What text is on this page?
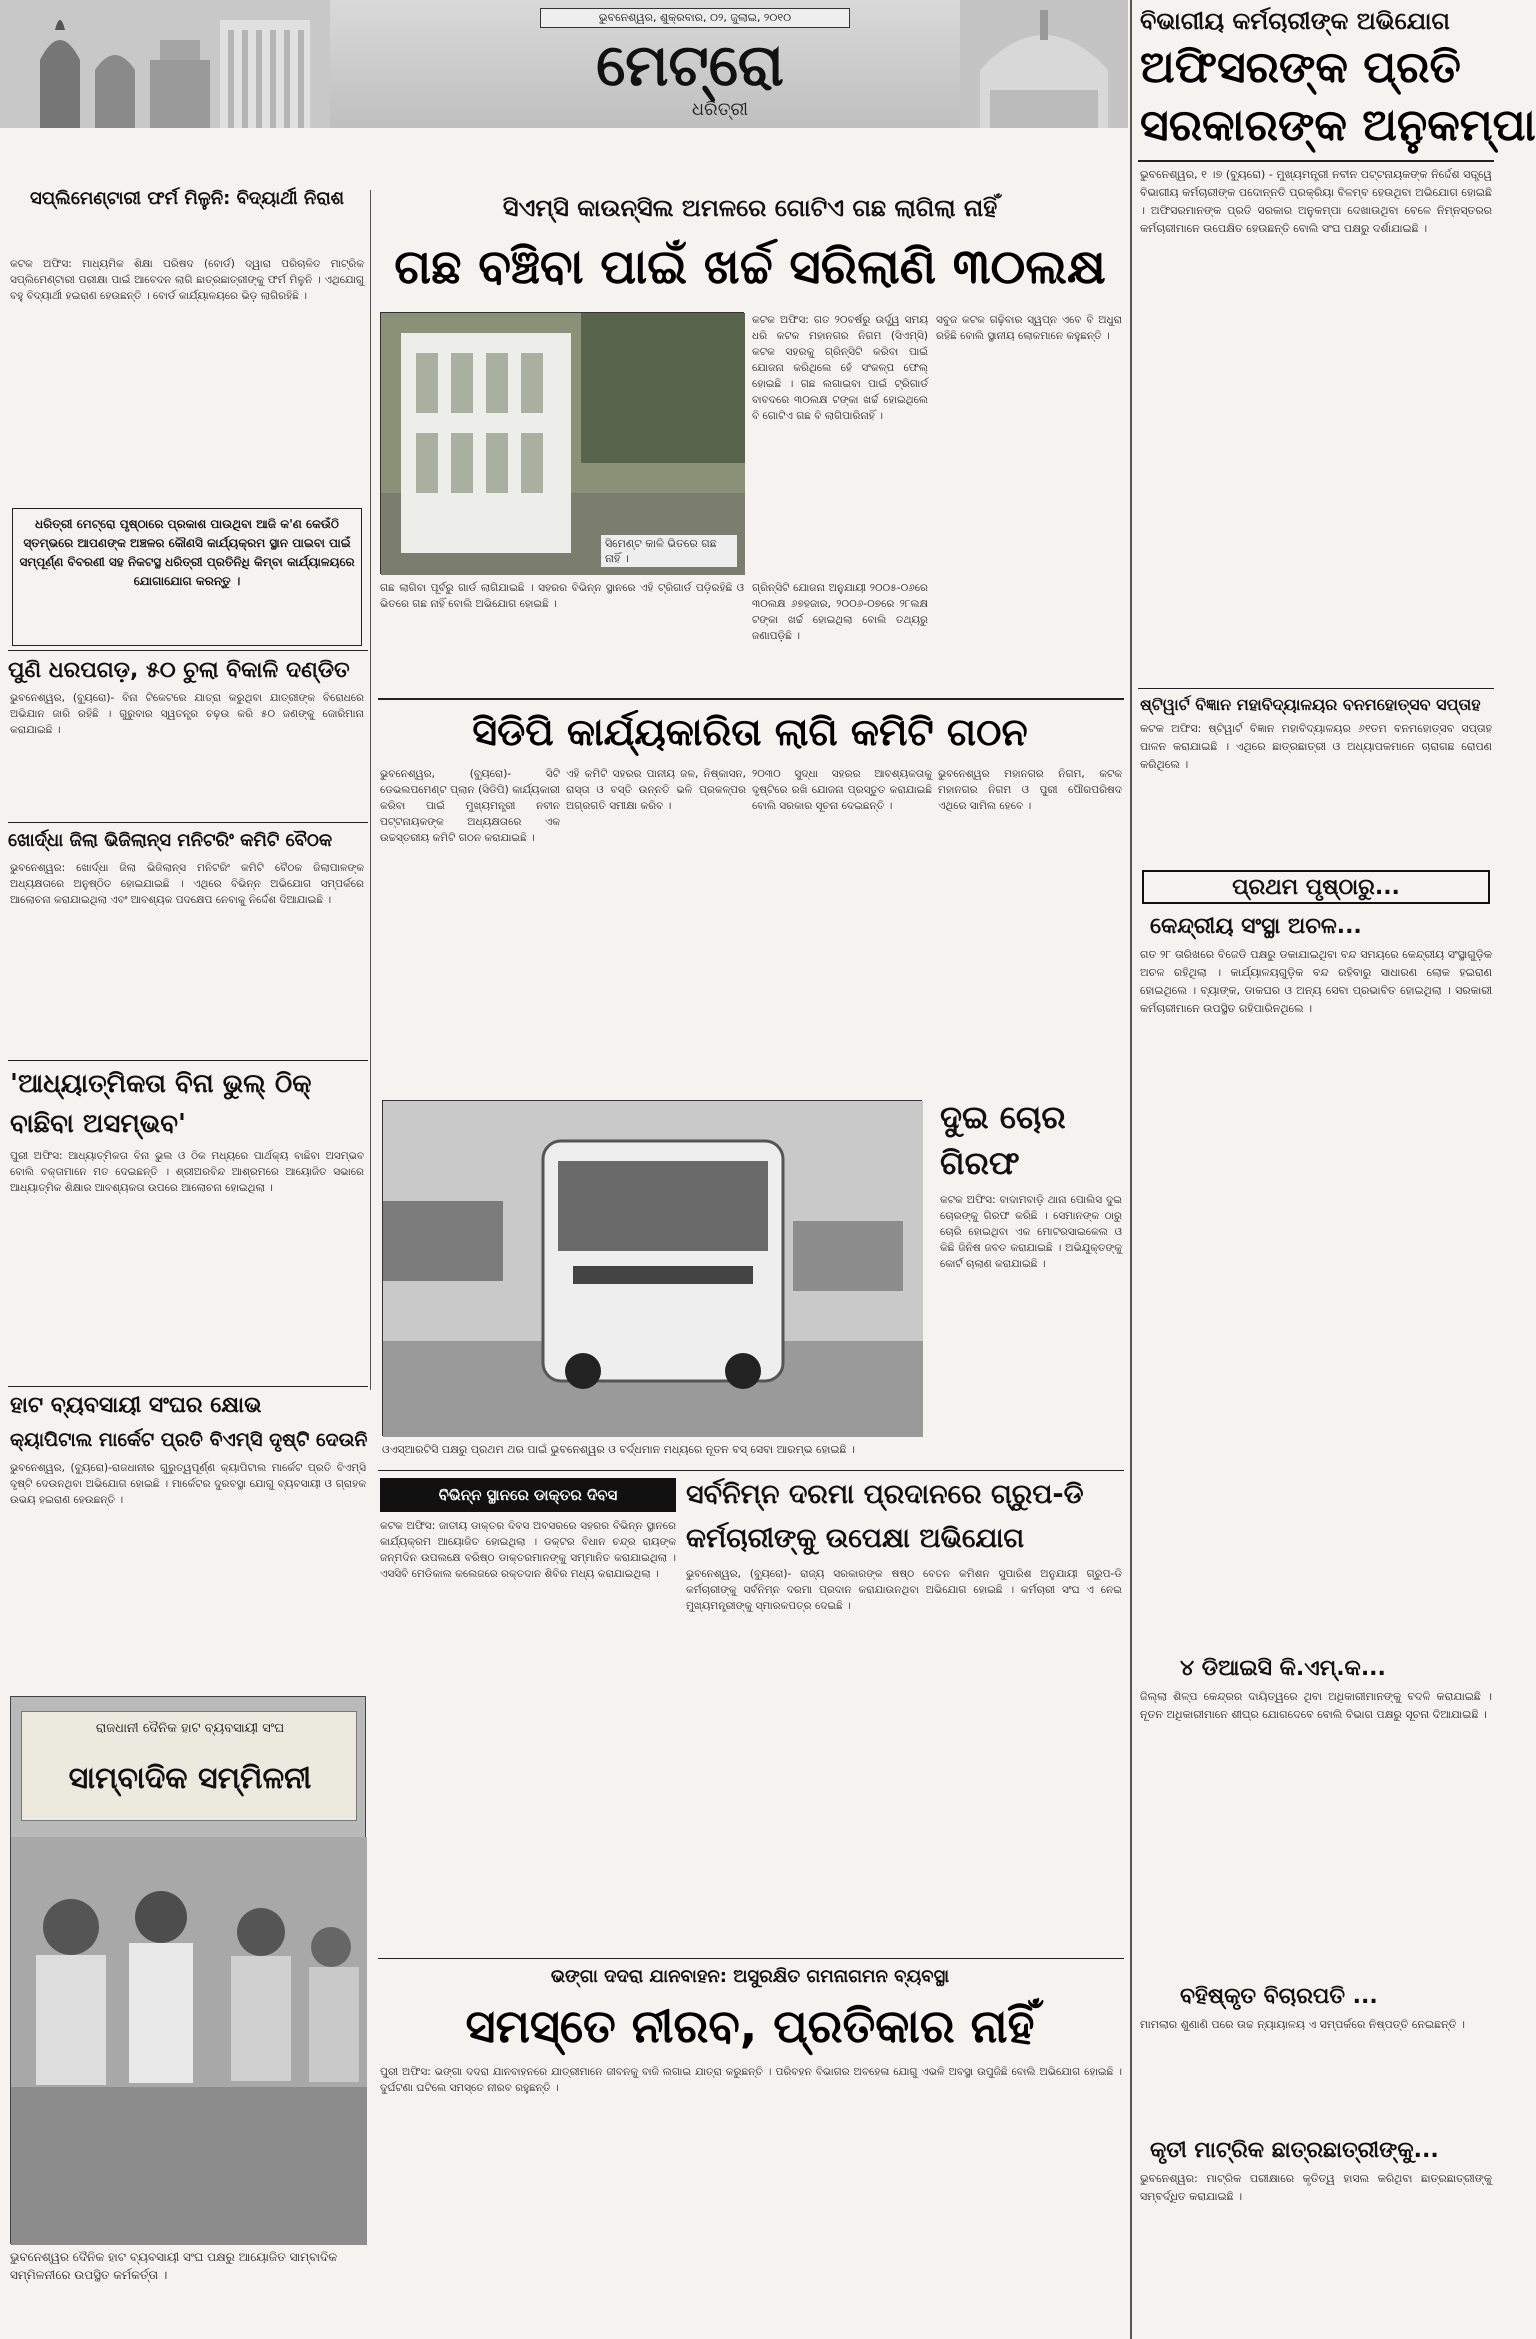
ଭୁବନେଶ୍ୱର, ଶୁକ୍ରବାର, ୦୨, ଜୁଲାଇ, ୨୦୧୦
ମେଟ୍ରୋ
ଧରିତ୍ରୀ
ବିଭାଗୀୟ କର୍ମଚାରୀଙ୍କ ଅଭିଯୋଗ
ଅଫିସରଙ୍କ ପ୍ରତି
ସରକାରଙ୍କ ଅନୁକମ୍ପା
ଭୁବନେଶ୍ୱର, ୧ ।୭ (ବ୍ୟୁରୋ) - ମୁଖ୍ୟମନ୍ତ୍ରୀ ନବୀନ ପଟ୍ଟନାୟକଙ୍କ ନିର୍ଦ୍ଦେଶ ସତ୍ତ୍ୱେ ବିଭାଗୀୟ କର୍ମଚାରୀଙ୍କ ପଦୋନ୍ନତି ପ୍ରକ୍ରିୟା ବିଳମ୍ବ ହେଉଥିବା ଅଭିଯୋଗ ହୋଇଛି । ଅଫିସରମାନଙ୍କ ପ୍ରତି ସରକାର ଅନୁକମ୍ପା ଦେଖାଉଥିବା ବେଳେ ନିମ୍ନସ୍ତରର କର୍ମଚାରୀମାନେ ଉପେକ୍ଷିତ ହେଉଛନ୍ତି ବୋଲି ସଂଘ ପକ୍ଷରୁ ଦର୍ଶାଯାଇଛି ।
ଷ୍ଟିୱାର୍ଟ ବିଜ୍ଞାନ ମହାବିଦ୍ୟାଳୟର ବନମହୋତ୍ସବ ସପ୍ତାହ
କଟକ ଅଫିସ: ଷ୍ଟିୱାର୍ଟ ବିଜ୍ଞାନ ମହାବିଦ୍ୟାଳୟର ୬୧ତମ ବନମହୋତ୍ସବ ସପ୍ତାହ ପାଳନ କରାଯାଇଛି । ଏଥିରେ ଛାତ୍ରଛାତ୍ରୀ ଓ ଅଧ୍ୟାପକମାନେ ଚାରାଗଛ ରୋପଣ କରିଥିଲେ ।
ପ୍ରଥମ ପୃଷ୍ଠାରୁ...
କେନ୍ଦ୍ରୀୟ ସଂସ୍ଥା ଅଚଳ...
ଗତ ୨୮ ତାରିଖରେ ବିଜେଡି ପକ୍ଷରୁ ଡକାଯାଇଥିବା ବନ୍ଦ ସମୟରେ କେନ୍ଦ୍ରୀୟ ସଂସ୍ଥାଗୁଡ଼ିକ ଅଚଳ ରହିଥିଲା । କାର୍ଯ୍ୟାଳୟଗୁଡ଼ିକ ବନ୍ଦ ରହିବାରୁ ସାଧାରଣ ଲୋକ ହଇରାଣ ହୋଇଥିଲେ । ବ୍ୟାଙ୍କ, ଡାକଘର ଓ ଅନ୍ୟ ସେବା ପ୍ରଭାବିତ ହୋଇଥିଲା । ସରକାରୀ କର୍ମଚାରୀମାନେ ଉପସ୍ଥିତ ରହିପାରିନଥିଲେ ।
୪ ଡିଆଇସି କି.ଏମ୍.କ...
ଜିଲ୍ଲା ଶିଳ୍ପ କେନ୍ଦ୍ରର ଦାୟିତ୍ୱରେ ଥିବା ଅଧିକାରୀମାନଙ୍କୁ ବଦଳି କରାଯାଇଛି । ନୂତନ ଅଧିକାରୀମାନେ ଶୀଘ୍ର ଯୋଗଦେବେ ବୋଲି ବିଭାଗ ପକ୍ଷରୁ ସୂଚନା ଦିଆଯାଇଛି ।
ବହିଷ୍କୃତ ବିଚାରପତି ...
ମାମଲାର ଶୁଣାଣି ପରେ ଉଚ୍ଚ ନ୍ୟାୟାଳୟ ଏ ସମ୍ପର୍କରେ ନିଷ୍ପତ୍ତି ନେଇଛନ୍ତି ।
କୃତୀ ମାଟ୍ରିକ ଛାତ୍ରଛାତ୍ରୀଙ୍କୁ...
ଭୁବନେଶ୍ୱର: ମାଟ୍ରିକ ପରୀକ୍ଷାରେ କୃତିତ୍ୱ ହାସଲ କରିଥିବା ଛାତ୍ରଛାତ୍ରୀଙ୍କୁ ସମ୍ବର୍ଦ୍ଧିତ କରାଯାଇଛି ।
ସପ୍ଲିମେଣ୍ଟାରୀ ଫର୍ମ ମିଳୁନି: ବିଦ୍ୟାର୍ଥୀ ନିରାଶ
କଟକ ଅଫିସ: ମାଧ୍ୟମିକ ଶିକ୍ଷା ପରିଷଦ (ବୋର୍ଡ) ଦ୍ୱାରା ପରିଚାଳିତ ମାଟ୍ରିକ ସପ୍ଲିମେଣ୍ଟାରୀ ପରୀକ୍ଷା ପାଇଁ ଆବେଦନ ଲାଗି ଛାତ୍ରଛାତ୍ରୀଙ୍କୁ ଫର୍ମ ମିଳୁନି । ଏଥିଯୋଗୁ ବହୁ ବିଦ୍ୟାର୍ଥୀ ହଇରାଣ ହେଉଛନ୍ତି । ବୋର୍ଡ କାର୍ଯ୍ୟାଳୟରେ ଭିଡ଼ ଲାଗିରହିଛି ।
ଧରିତ୍ରୀ ମେଟ୍ରୋ ପୃଷ୍ଠାରେ ପ୍ରକାଶ ପାଉଥିବା ଆଜି କ'ଣ କେଉଁଠି ସ୍ତମ୍ଭରେ ଆପଣଙ୍କ ଅଞ୍ଚଳର କୌଣସି କାର୍ଯ୍ୟକ୍ରମ ସ୍ଥାନ ପାଇବା ପାଇଁ ସମ୍ପୂର୍ଣ୍ଣ ବିବରଣୀ ସହ ନିକଟସ୍ଥ ଧରିତ୍ରୀ ପ୍ରତିନିଧି କିମ୍ବା କାର୍ଯ୍ୟାଳୟରେ ଯୋଗାଯୋଗ କରନ୍ତୁ ।
ପୁଣି ଧରପଗଡ଼, ୫୦ ଚୁଲା ବିକାଳି ଦଣ୍ଡିତ
ଭୁବନେଶ୍ୱର, (ବ୍ୟୁରୋ)- ବିନା ଟିକେଟରେ ଯାତ୍ରା କରୁଥିବା ଯାତ୍ରୀଙ୍କ ବିରୋଧରେ ଅଭିଯାନ ଜାରି ରହିଛି । ଗୁରୁବାର ସ୍ୱତନ୍ତ୍ର ଚଢ଼ଉ କରି ୫୦ ଜଣଙ୍କୁ ଜୋରିମାନା କରାଯାଇଛି ।
ଖୋର୍ଦ୍ଧା ଜିଲା ଭିଜିଲାନ୍ସ ମନିଟରିଂ କମିଟି ବୈଠକ
ଭୁବନେଶ୍ୱର: ଖୋର୍ଦ୍ଧା ଜିଲା ଭିଜିଲାନ୍ସ ମନିଟରିଂ କମିଟି ବୈଠକ ଜିଲାପାଳଙ୍କ ଅଧ୍ୟକ୍ଷତାରେ ଅନୁଷ୍ଠିତ ହୋଇଯାଇଛି । ଏଥିରେ ବିଭିନ୍ନ ଅଭିଯୋଗ ସମ୍ପର୍କରେ ଆଲୋଚନା କରାଯାଇଥିଲା ଏବଂ ଆବଶ୍ୟକ ପଦକ୍ଷେପ ନେବାକୁ ନିର୍ଦ୍ଦେଶ ଦିଆଯାଇଛି ।
'ଆଧ୍ୟାତ୍ମିକତା ବିନା ଭୁଲ୍ ଠିକ୍ ବାଛିବା ଅସମ୍ଭବ'
ପୁରୀ ଅଫିସ: ଆଧ୍ୟାତ୍ମିକତା ବିନା ଭୁଲ ଓ ଠିକ ମଧ୍ୟରେ ପାର୍ଥକ୍ୟ ବାଛିବା ଅସମ୍ଭବ ବୋଲି ବକ୍ତାମାନେ ମତ ଦେଇଛନ୍ତି । ଶ୍ରୀଅରବିନ୍ଦ ଆଶ୍ରମରେ ଆୟୋଜିତ ସଭାରେ ଆଧ୍ୟାତ୍ମିକ ଶିକ୍ଷାର ଆବଶ୍ୟକତା ଉପରେ ଆଲୋଚନା ହୋଇଥିଲା ।
ହାଟ ବ୍ୟବସାୟୀ ସଂଘର କ୍ଷୋଭ
କ୍ୟାପିଟାଲ ମାର୍କେଟ ପ୍ରତି ବିଏମ୍‌ସି ଦୃଷ୍ଟି ଦେଉନି
ଭୁବନେଶ୍ୱର, (ବ୍ୟୁରୋ)-ରାଜଧାନୀର ଗୁରୁତ୍ୱପୂର୍ଣ୍ଣ କ୍ୟାପିଟାଲ ମାର୍କେଟ ପ୍ରତି ବିଏମ୍‌ସି ଦୃଷ୍ଟି ଦେଉନଥିବା ଅଭିଯୋଗ ହୋଇଛି । ମାର୍କେଟର ଦୁରବସ୍ଥା ଯୋଗୁ ବ୍ୟବସାୟୀ ଓ ଗ୍ରାହକ ଉଭୟ ହଇରାଣ ହେଉଛନ୍ତି ।
ରାଜଧାନୀ ଦୈନିକ ହାଟ ବ୍ୟବସାୟୀ ସଂଘ
ସାମ୍ବାଦିକ ସମ୍ମିଳନୀ
ଭୁବନେଶ୍ୱର ଦୈନିକ ହାଟ ବ୍ୟବସାୟୀ ସଂଘ ପକ୍ଷରୁ ଆୟୋଜିତ ସାମ୍ବାଦିକ ସମ୍ମିଳନୀରେ ଉପସ୍ଥିତ କର୍ମକର୍ତ୍ତା ।
ସିଏମ୍‌ସି କାଉନ୍‌ସିଲ ଅମଳରେ ଗୋଟିଏ ଗଛ ଲାଗିଲା ନାହିଁ
ଗଛ ବଞ୍ଚିବା ପାଇଁ ଖର୍ଚ୍ଚ ସରିଲାଣି ୩୦ଲକ୍ଷ
ସିମେଣ୍ଟ କାଳି ଭିତରେ ଗଛ ନାହିଁ ।
କଟକ ଅଫିସ: ଗତ ୨୦ବର୍ଷରୁ ଉର୍ଦ୍ଧ୍ୱ ସମୟ ଧରି କଟକ ମହାନଗର ନିଗମ (ସିଏମ୍‌ସି) କଟକ ସହରକୁ ଗ୍ରିନ୍‌ସିଟି କରିବା ପାଇଁ ଯୋଜନା କରିଥିଲେ ହେଁ ସଂକଳ୍ପ ଫେଲ୍‌ ହୋଇଛି । ଗଛ ଲଗାଇବା ପାଇଁ ଟ୍ରିଗାର୍ଡ ବାବଦରେ ୩୦ଲକ୍ଷ ଟଙ୍କା ଖର୍ଚ୍ଚ ହୋଇଥିଲେ ବି ଗୋଟିଏ ଗଛ ବି ଲାଗିପାରିନାହିଁ ।
ଗଛ ଲାଗିବା ପୂର୍ବରୁ ଗାର୍ଡ ଲାଗିଯାଇଛି । ସହରର ବିଭିନ୍ନ ସ୍ଥାନରେ ଏହି ଟ୍ରିଗାର୍ଡ ପଡ଼ିରହିଛି ଓ ଭିତରେ ଗଛ ନାହିଁ ବୋଲି ଅଭିଯୋଗ ହୋଇଛି ।
ଗ୍ରିନ୍‌ସିଟି ଯୋଜନା ଅନୁଯାୟୀ ୨୦୦୫-୦୬ରେ ୩୦ଲକ୍ଷ ୬୭ହଜାର, ୨୦୦୬-୦୭ରେ ୨୮ଲକ୍ଷ ଟଙ୍କା ଖର୍ଚ୍ଚ ହୋଇଥିଲା ବୋଲି ତଥ୍ୟରୁ ଜଣାପଡ଼ିଛି ।
ସବୁଜ କଟକ ଗଢ଼ିବାର ସ୍ୱପ୍ନ ଏବେ ବି ଅଧୁରା ରହିଛି ବୋଲି ସ୍ଥାନୀୟ ଲୋକମାନେ କହୁଛନ୍ତି ।
ସିଡିପି କାର୍ଯ୍ୟକାରିତା ଲାଗି କମିଟି ଗଠନ
ଭୁବନେଶ୍ୱର, (ବ୍ୟୁରୋ)- ସିଟି ଡେଭଲପମେଣ୍ଟ ପ୍ଲାନ (ସିଡିପି) କାର୍ଯ୍ୟକାରୀ କରିବା ପାଇଁ ମୁଖ୍ୟମନ୍ତ୍ରୀ ନବୀନ ପଟ୍ଟନାୟକଙ୍କ ଅଧ୍ୟକ୍ଷତାରେ ଏକ ଉଚ୍ଚସ୍ତରୀୟ କମିଟି ଗଠନ କରାଯାଇଛି ।
ଏହି କମିଟି ସହରର ପାନୀୟ ଜଳ, ନିଷ୍କାସନ, ରାସ୍ତା ଓ ବସ୍ତି ଉନ୍ନତି ଭଳି ପ୍ରକଳ୍ପର ଅଗ୍ରଗତି ସମୀକ୍ଷା କରିବ ।
୨୦୩୦ ସୁଦ୍ଧା ସହରର ଆବଶ୍ୟକତାକୁ ଦୃଷ୍ଟିରେ ରଖି ଯୋଜନା ପ୍ରସ୍ତୁତ କରାଯାଇଛି ବୋଲି ସରକାର ସୂଚନା ଦେଇଛନ୍ତି ।
ଭୁବନେଶ୍ୱର ମହାନଗର ନିଗମ, କଟକ ମହାନଗର ନିଗମ ଓ ପୁରୀ ପୌରପରିଷଦ ଏଥିରେ ସାମିଲ ହେବେ ।
ଓଏସ୍‌ଆରଟିସି ପକ୍ଷରୁ ପ୍ରଥମ ଥର ପାଇଁ ଭୁବନେଶ୍ୱର ଓ ବର୍ଦ୍ଧମାନ ମଧ୍ୟରେ ନୂତନ ବସ୍ ସେବା ଆରମ୍ଭ ହୋଇଛି ।
ଦୁଇ ଚୋର ଗିରଫ
କଟକ ଅଫିସ: ବାଦାମବାଡ଼ି ଥାନା ପୋଲିସ ଦୁଇ ଚୋରଙ୍କୁ ଗିରଫ କରିଛି । ସେମାନଙ୍କ ଠାରୁ ଚୋରି ହୋଇଥିବା ଏକ ମୋଟରସାଇକେଲ ଓ କିଛି ଜିନିଷ ଜବତ କରାଯାଇଛି । ଅଭିଯୁକ୍ତଙ୍କୁ କୋର୍ଟ ଚାଲାଣ କରାଯାଇଛି ।
ବିଭିନ୍ନ ସ୍ଥାନରେ ଡାକ୍ତର ଦିବସ
କଟକ ଅଫିସ: ଜାତୀୟ ଡାକ୍ତର ଦିବସ ଅବସରରେ ସହରର ବିଭିନ୍ନ ସ୍ଥାନରେ କାର୍ଯ୍ୟକ୍ରମ ଆୟୋଜିତ ହୋଇଥିଲା । ଡକ୍ଟର ବିଧାନ ଚନ୍ଦ୍ର ରାୟଙ୍କ ଜନ୍ମଦିନ ଉପଲକ୍ଷେ ବରିଷ୍ଠ ଡାକ୍ତରମାନଙ୍କୁ ସମ୍ମାନିତ କରାଯାଇଥିଲା । ଏସସିବି ମେଡିକାଲ କଲେଜରେ ରକ୍ତଦାନ ଶିବିର ମଧ୍ୟ କରାଯାଇଥିଲା ।
ସର୍ବନିମ୍ନ ଦରମା ପ୍ରଦାନରେ ଗ୍ରୁପ-ଡି
କର୍ମଚାରୀଙ୍କୁ ଉପେକ୍ଷା ଅଭିଯୋଗ
ଭୁବନେଶ୍ୱର, (ବ୍ୟୁରୋ)- ରାଜ୍ୟ ସରକାରଙ୍କ ଷଷ୍ଠ ବେତନ କମିଶନ ସୁପାରିଶ ଅନୁଯାୟୀ ଗ୍ରୁପ-ଡି କର୍ମଚାରୀଙ୍କୁ ସର୍ବନିମ୍ନ ଦରମା ପ୍ରଦାନ କରାଯାଉନଥିବା ଅଭିଯୋଗ ହୋଇଛି । କର୍ମଚାରୀ ସଂଘ ଏ ନେଇ ମୁଖ୍ୟମନ୍ତ୍ରୀଙ୍କୁ ସ୍ମାରକପତ୍ର ଦେଇଛି ।
ଭଙ୍ଗା ଦଦରା ଯାନବାହନ: ଅସୁରକ୍ଷିତ ଗମନାଗମନ ବ୍ୟବସ୍ଥା
ସମସ୍ତେ ନୀରବ, ପ୍ରତିକାର ନାହିଁ
ପୁରୀ ଅଫିସ: ଭଙ୍ଗା ଦଦରା ଯାନବାହନରେ ଯାତ୍ରୀମାନେ ଜୀବନକୁ ବାଜି ଲଗାଇ ଯାତ୍ରା କରୁଛନ୍ତି । ପରିବହନ ବିଭାଗର ଅବହେଳା ଯୋଗୁ ଏଭଳି ଅବସ୍ଥା ଉପୁଜିଛି ବୋଲି ଅଭିଯୋଗ ହୋଇଛି । ଦୁର୍ଘଟଣା ଘଟିଲେ ସମସ୍ତେ ନୀରବ ରହୁଛନ୍ତି ।
